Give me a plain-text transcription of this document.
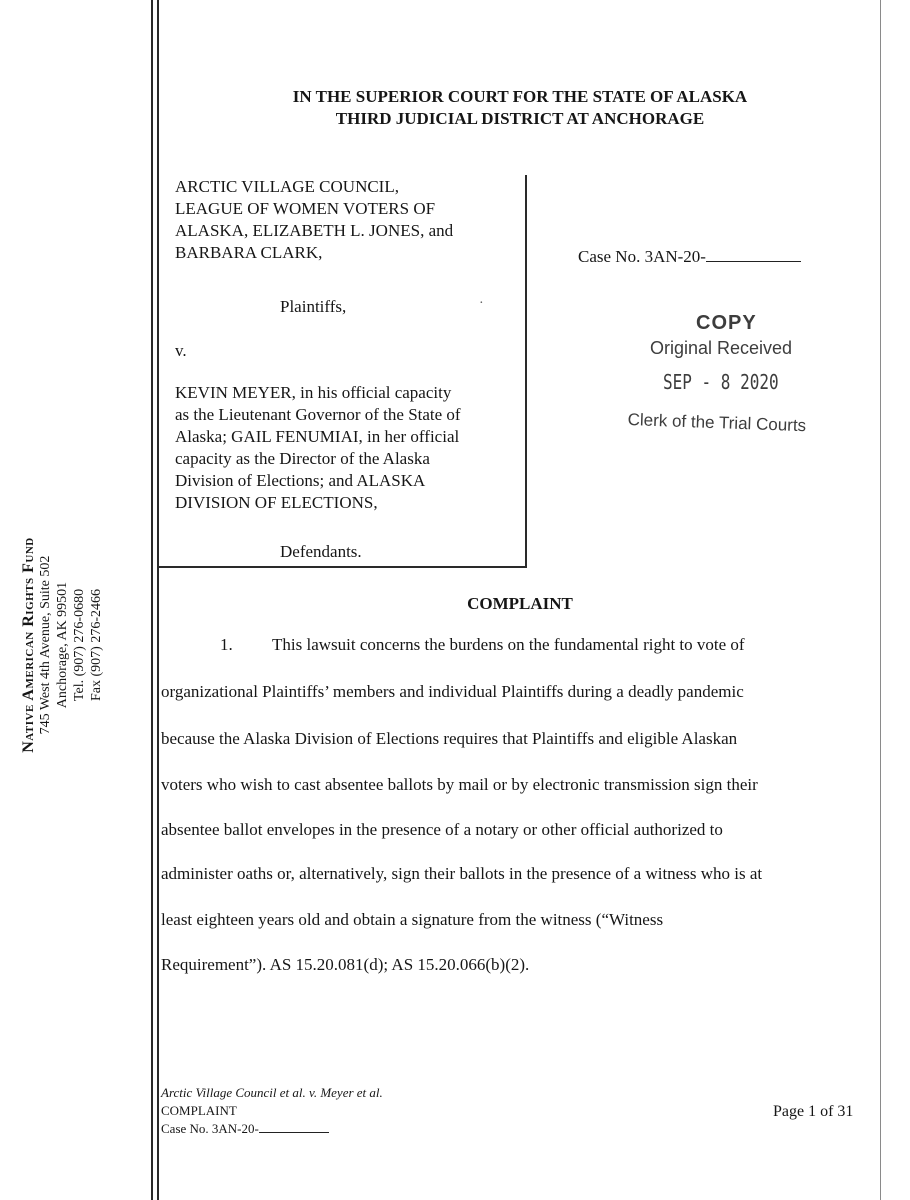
Native American Rights Fund 745 West 4th Avenue, Suite 502 Anchorage, AK 99501 Tel. (907) 276-0680 Fax (907) 276-2466
IN THE SUPERIOR COURT FOR THE STATE OF ALASKA
THIRD JUDICIAL DISTRICT AT ANCHORAGE
ARCTIC VILLAGE COUNCIL,
LEAGUE OF WOMEN VOTERS OF
ALASKA, ELIZABETH L. JONES, and
BARBARA CLARK,
Plaintiffs,	·
v.
KEVIN MEYER, in his official capacity
as the Lieutenant Governor of the State of
Alaska; GAIL FENUMIAI, in her official
capacity as the Director of the Alaska
Division of Elections; and ALASKA
DIVISION OF ELECTIONS,
Defendants.
Case No. 3AN-20-
COPY
Original Received
SEP - 8 2020
Clerk of the Trial Courts
COMPLAINT
1. This lawsuit concerns the burdens on the fundamental right to vote of
organizational Plaintiffs’ members and individual Plaintiffs during a deadly pandemic
because the Alaska Division of Elections requires that Plaintiffs and eligible Alaskan
voters who wish to cast absentee ballots by mail or by electronic transmission sign their
absentee ballot envelopes in the presence of a notary or other official authorized to
administer oaths or, alternatively, sign their ballots in the presence of a witness who is at
least eighteen years old and obtain a signature from the witness (“Witness
Requirement”). AS 15.20.081(d); AS 15.20.066(b)(2).
Arctic Village Council et al. v. Meyer et al.
COMPLAINT
Case No. 3AN-20-
Page 1 of 31
